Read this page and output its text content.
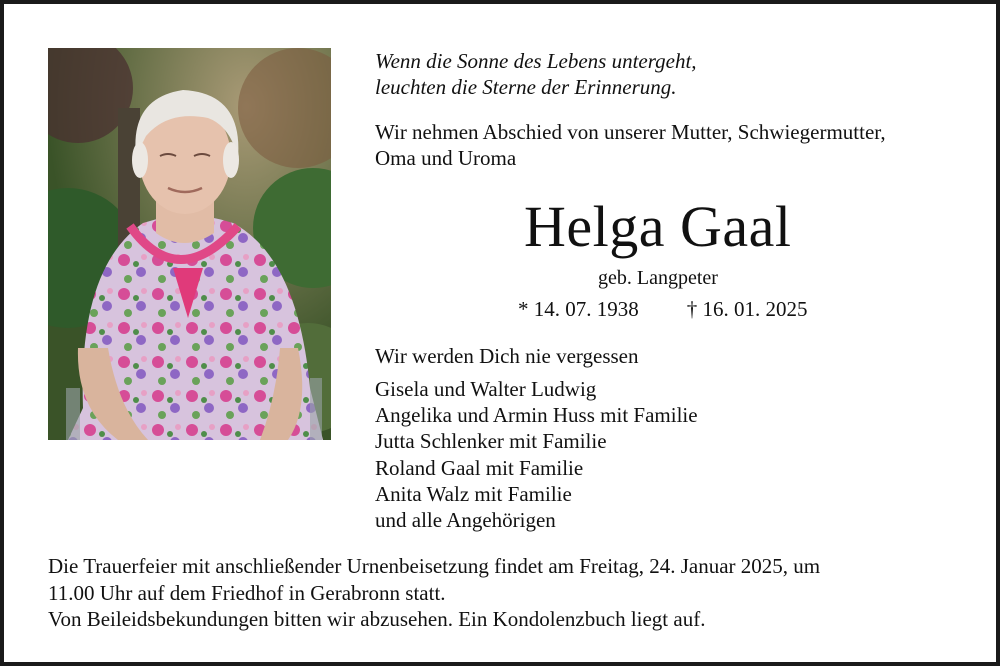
Wenn die Sonne des Lebens untergeht,
leuchten die Sterne der Erinnerung.
Wir nehmen Abschied von unserer Mutter, Schwiegermutter,
Oma und Uroma
Helga Gaal
geb. Langpeter
* 14. 07. 1938 † 16. 01. 2025
Wir werden Dich nie vergessen
Gisela und Walter Ludwig
Angelika und Armin Huss mit Familie
Jutta Schlenker mit Familie
Roland Gaal mit Familie
Anita Walz mit Familie
und alle Angehörigen

Die Trauerfeier mit anschließender Urnenbeisetzung findet am Freitag, 24. Januar 2025, um

11.00 Uhr auf dem Friedhof in Gerabronn statt.

Von Beileidsbekundungen bitten wir abzusehen. Ein Kondolenzbuch liegt auf.
